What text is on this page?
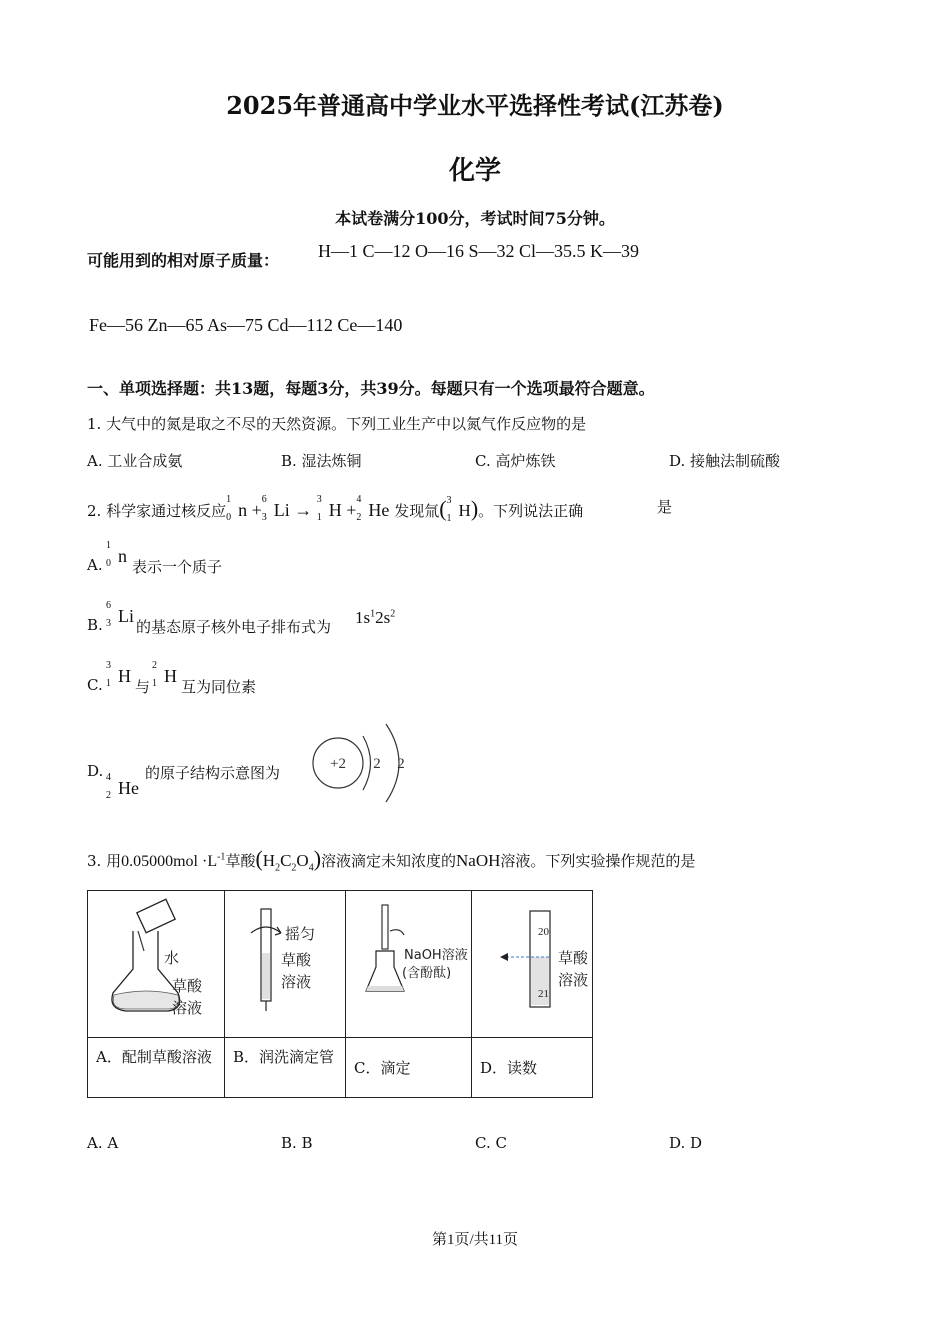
2025年普通高中学业水平选择性考试(江苏卷)
化学
本试卷满分100分，考试时间75分钟。
可能用到的相对原子质量： H—1 C—12 O—16 S—32 Cl—35.5 K—39
Fe—56 Zn—65 As—75 Cd—112 Ce—140
一、单项选择题：共13题，每题3分，共39分。每题只有一个选项最符合题意。
1. 大气中的氮是取之不尽的天然资源。下列工业生产中以氮气作反应物的是
A. 工业合成氨	B. 湿法炼铜	C. 高炉炼铁	D. 接触法制硫酸
2. 科学家通过核反应
1
0 n +
6
3 Li →
3
1 H +
4
2 He 发现氚( 3
1 H)。下列说法正确	是
A.
1
0 n
表示一个质子
B.
6
3 Li
的基态原子核外电子排布式为 $1s^12s^2$
C.
3
1 H
与
2
1 H
互为同位素
D. 4
2 He
的原子结构示意图为	+2 2 2
3. 用$0.05000mol \cdot L^{-1}$草酸$(H_2C_2O_4)$溶液滴定未知浓度的NaOH溶液。下列实验操作规范的是
水
草酸
溶液	摇匀
草酸
溶液	NaOH溶液
(含酚酞)	20
21
草酸
溶液

A．配制草酸溶液	B．润洗滴定管	C．滴定	D．读数
A. A	B. B	C. C	D. D
第1页/共11页
